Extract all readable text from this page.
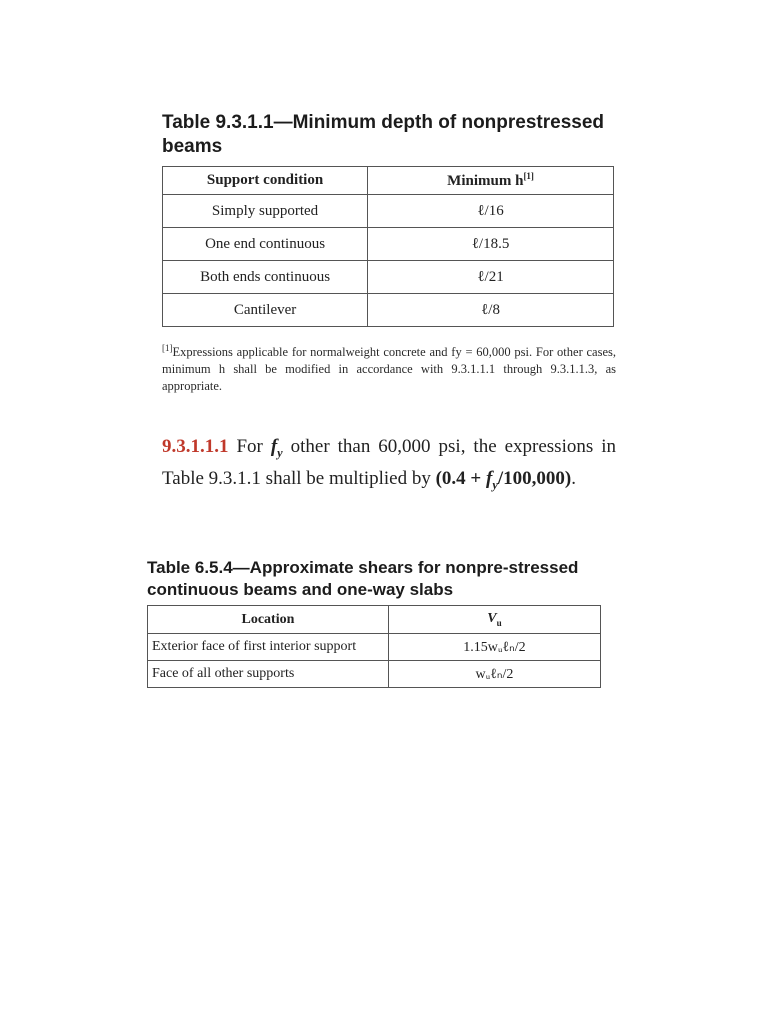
Table 9.3.1.1—Minimum depth of nonprestressed beams
Support condition	Minimum h[1]
Simply supported	ℓ/16
One end continuous	ℓ/18.5
Both ends continuous	ℓ/21
Cantilever	ℓ/8

[1]Expressions applicable for normalweight concrete and fy = 60,000 psi. For other cases, minimum h shall be modified in accordance with 9.3.1.1.1 through 9.3.1.1.3, as appropriate.

9.3.1.1.1 For $f_y$ other than 60,000 psi, the expressions in Table 9.3.1.1 shall be multiplied by $(0.4 + f_y/100,000)$.

Table 6.5.4—Approximate shears for nonpre-stressed continuous beams and one-way slabs
Location	$V_u$
Exterior face of first interior support	1.15wᵤℓₙ/2
Face of all other supports	wᵤℓₙ/2
